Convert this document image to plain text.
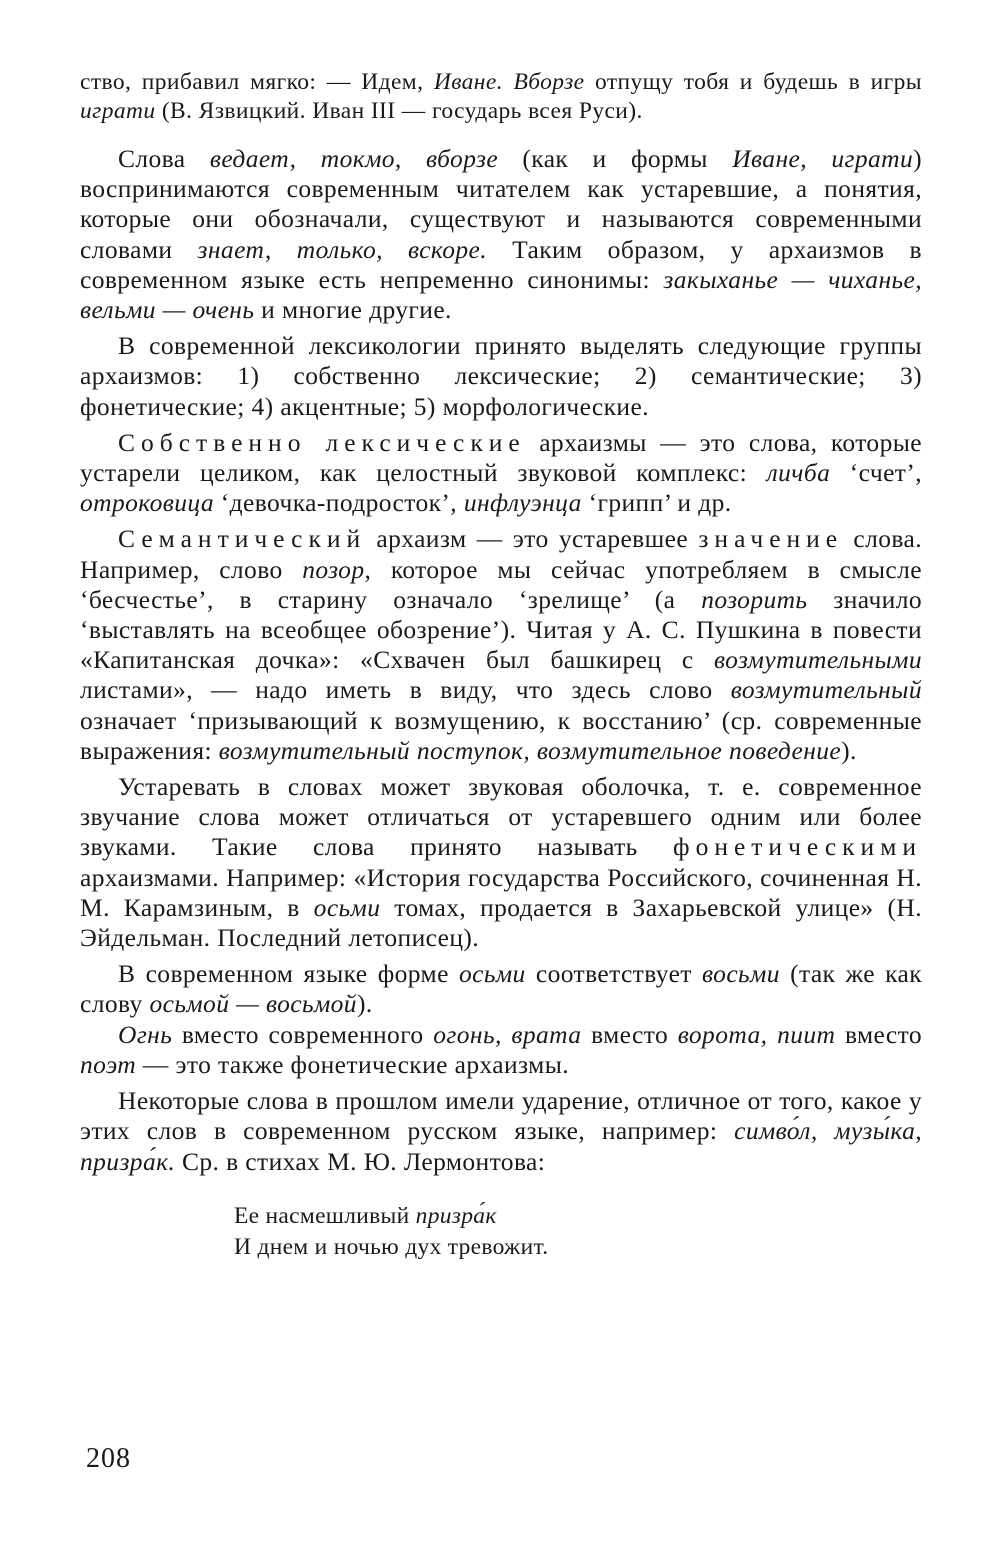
ство, прибавил мягко: — Идем, Иване. Вборзе отпущу тобя и будешь в игры играти (В. Язвицкий. Иван III — государь всея Руси).

Слова ведает, токмо, вборзе (как и формы Иване, играти) воспринимаются современным читателем как устаревшие, а понятия, которые они обозначали, существуют и называются современными словами знает, только, вскоре. Таким образом, у архаизмов в современном языке есть непременно синонимы: закыханье — чиханье, вельми — очень и многие другие.

В современной лексикологии принято выделять следующие группы архаизмов: 1) собственно лексические; 2) семантические; 3) фонетические; 4) акцентные; 5) морфологические.

Собственно лексические архаизмы — это слова, которые устарели целиком, как целостный звуковой комплекс: личба ‘счет’, отроковица ‘девочка-подросток’, инфлуэнца ‘грипп’ и др.

Семантический архаизм — это устаревшее значение слова. Например, слово позор, которое мы сейчас употребляем в смысле ‘бесчестье’, в старину означало ‘зрелище’ (а позорить значило ‘выставлять на всеобщее обозрение’). Читая у А. С. Пушкина в повести «Капитанская дочка»: «Схвачен был башкирец с возмутительными листами», — надо иметь в виду, что здесь слово возмутительный означает ‘призывающий к возмущению, к восстанию’ (ср. современные выражения: возмутительный поступок, возмутительное поведение).

Устаревать в словах может звуковая оболочка, т. е. современное звучание слова может отличаться от устаревшего одним или более звуками. Такие слова принято называть фонетическими архаизмами. Например: «История государства Российского, сочиненная Н. М. Карамзиным, в осьми томах, продается в Захарьевской улице» (Н. Эйдельман. Последний летописец).

В современном языке форме осьми соответствует восьми (так же как слову осьмой — восьмой).

Огнь вместо современного огонь, врата вместо ворота, пиит вместо поэт — это также фонетические архаизмы.

Некоторые слова в прошлом имели ударение, отличное от того, какое у этих слов в современном русском языке, например: симво́л, музы́ка, призра́к. Ср. в стихах М. Ю. Лермонтова:

Ее насмешливый призра́к
И днем и ночью дух тревожит.

208
